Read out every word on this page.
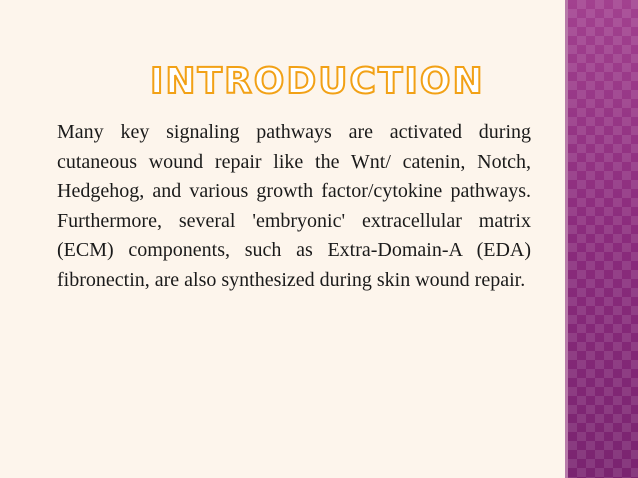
INTRODUCTION

Many key signaling pathways are activated during cutaneous wound repair like the Wnt/ catenin, Notch, Hedgehog, and various growth factor/cytokine pathways. Furthermore, several 'embryonic' extracellular matrix (ECM) components, such as Extra-Domain-A (EDA) fibronectin, are also synthesized during skin wound repair.
